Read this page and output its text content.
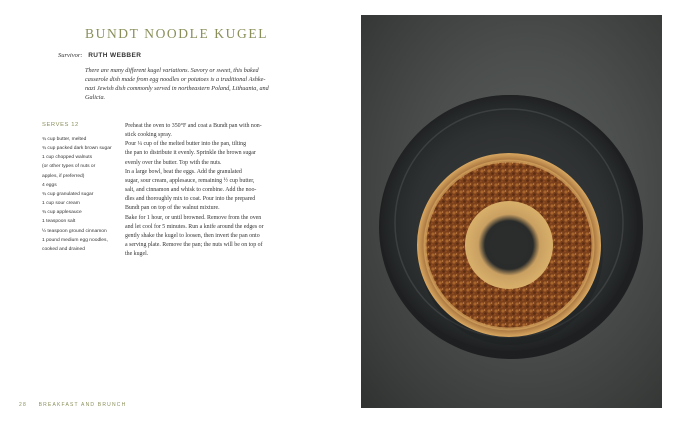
BUNDT NOODLE KUGEL
Survivor: RUTH WEBBER
There are many different kugel variations. Savory or sweet, this baked
casserole dish made from egg noodles or potatoes is a traditional Ashke-
nazi Jewish dish commonly served in northeastern Poland, Lithuania, and
Galicia.
SERVES 12
¾ cup butter, melted
¾ cup packed dark brown sugar
1 cup chopped walnuts
(or other types of nuts or
apples, if preferred)
4 eggs
¾ cup granulated sugar
1 cup sour cream
¾ cup applesauce
1 teaspoon salt
½ teaspoon ground cinnamon
1 pound medium egg noodles,
cooked and drained
Preheat the oven to 350°F and coat a Bundt pan with non-
stick cooking spray.
Pour ¼ cup of the melted butter into the pan, tilting
the pan to distribute it evenly. Sprinkle the brown sugar
evenly over the butter. Top with the nuts.
In a large bowl, beat the eggs. Add the granulated
sugar, sour cream, applesauce, remaining ½ cup butter,
salt, and cinnamon and whisk to combine. Add the noo-
dles and thoroughly mix to coat. Pour into the prepared
Bundt pan on top of the walnut mixture.
Bake for 1 hour, or until browned. Remove from the oven
and let cool for 5 minutes. Run a knife around the edges or
gently shake the kugel to loosen, then invert the pan onto
a serving plate. Remove the pan; the nuts will be on top of
the kugel.
28 BREAKFAST AND BRUNCH
